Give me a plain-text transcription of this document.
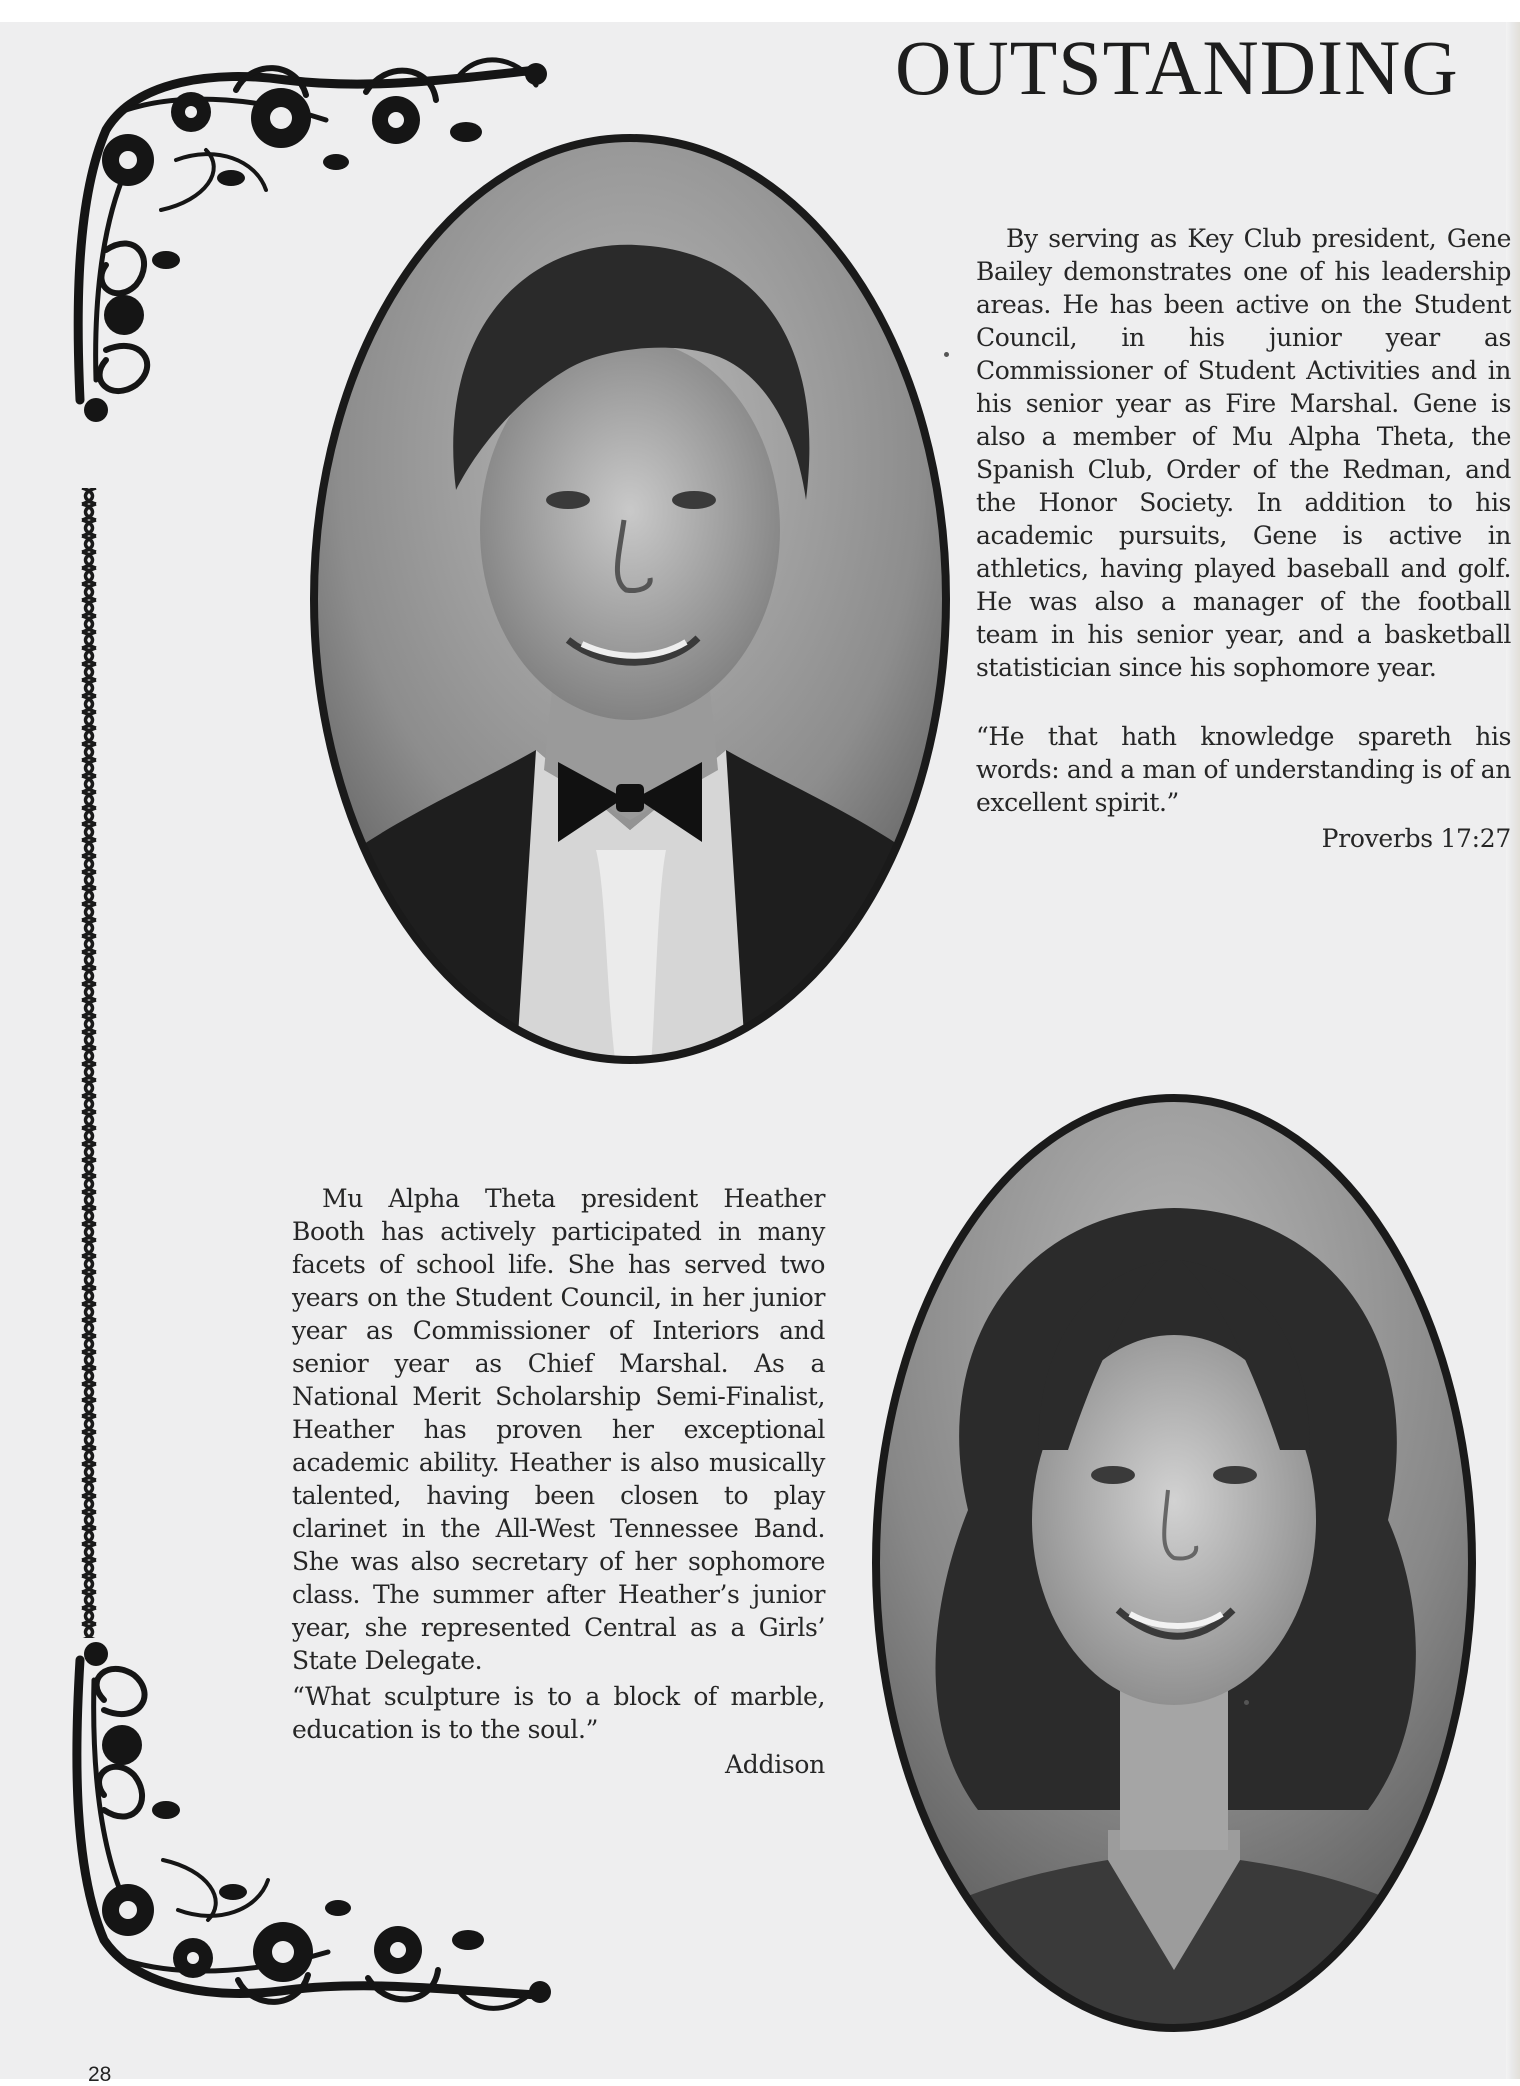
OUTSTANDING

By serving as Key Club president, Gene Bailey demonstrates one of his leadership areas. He has been active on the Student Council, in his junior year as Commissioner of Student Activities and in his senior year as Fire Marshal. Gene is also a member of Mu Alpha Theta, the Spanish Club, Order of the Redman, and the Honor Society. In addition to his academic pursuits, Gene is active in athletics, having played baseball and golf. He was also a manager of the football team in his senior year, and a basketball statistician since his sophomore year.

“He that hath knowledge spareth his words: and a man of understanding is of an excellent spirit.”

Proverbs 17:27

Mu Alpha Theta president Heather Booth has actively participated in many facets of school life. She has served two years on the Student Council, in her junior year as Commissioner of Interiors and senior year as Chief Marshal. As a National Merit Scholarship Semi-Finalist, Heather has proven her exceptional academic ability. Heather is also musically talented, having been closen to play clarinet in the All-West Tennessee Band. She was also secretary of her sophomore class. The summer after Heather’s junior year, she represented Central as a Girls’ State Delegate.

“What sculpture is to a block of marble, education is to the soul.”

Addison

28
